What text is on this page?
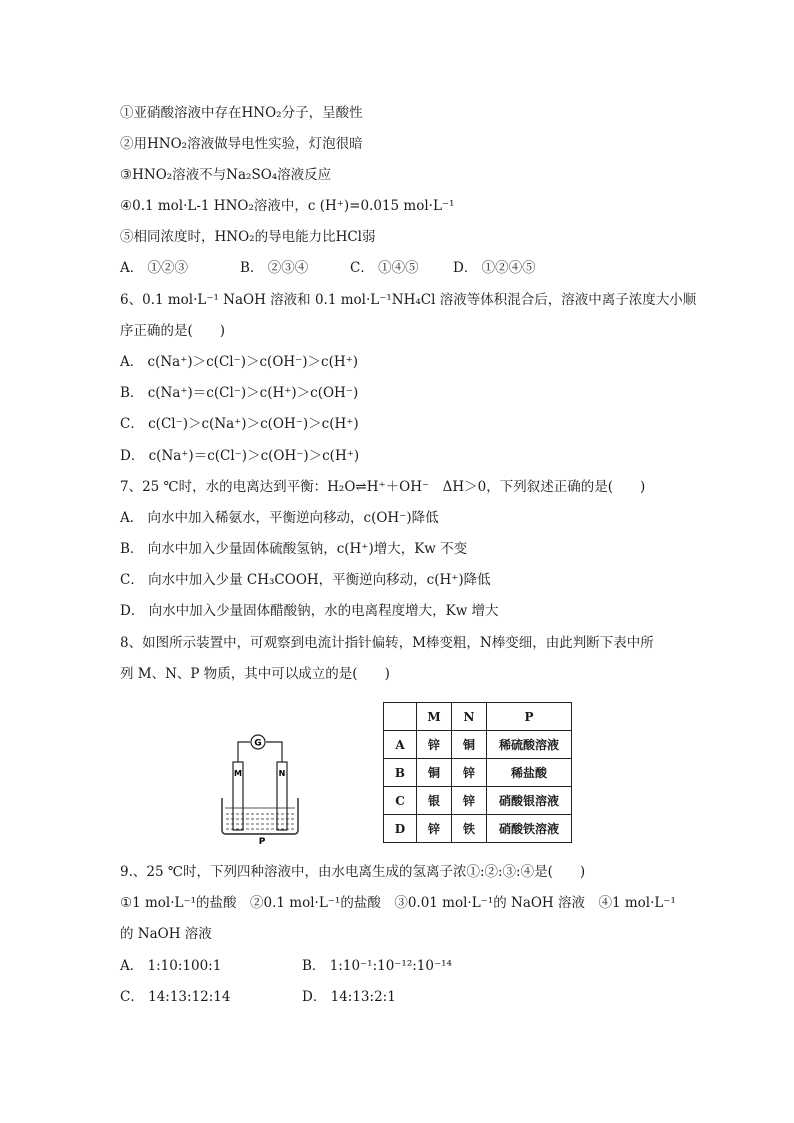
①亚硝酸溶液中存在HNO₂分子，呈酸性
②用HNO₂溶液做导电性实验，灯泡很暗
③HNO₂溶液不与Na₂SO₄溶液反应
④0.1 mol·L-1 HNO₂溶液中，c (H⁺)=0.015 mol·L⁻¹
⑤相同浓度时，HNO₂的导电能力比HCl弱
A． ①②③	B． ②③④	C． ①④⑤	D． ①②④⑤
6、0.1 mol·L⁻¹ NaOH 溶液和 0.1 mol·L⁻¹NH₄Cl 溶液等体积混合后，溶液中离子浓度大小顺
序正确的是(　　)
A． c(Na⁺)＞c(Cl⁻)＞c(OH⁻)＞c(H⁺)
B． c(Na⁺)＝c(Cl⁻)＞c(H⁺)＞c(OH⁻)
C． c(Cl⁻)＞c(Na⁺)＞c(OH⁻)＞c(H⁺)
D． c(Na⁺)＝c(Cl⁻)＞c(OH⁻)＞c(H⁺)
7、25 ℃时，水的电离达到平衡：H₂O⇌H⁺＋OH⁻　ΔH＞0，下列叙述正确的是(　　)
A． 向水中加入稀氨水，平衡逆向移动，c(OH⁻)降低
B． 向水中加入少量固体硫酸氢钠，c(H⁺)增大，Kw 不变
C． 向水中加入少量 CH₃COOH，平衡逆向移动，c(H⁺)降低
D． 向水中加入少量固体醋酸钠，水的电离程度增大，Kw 增大
8、如图所示装置中，可观察到电流计指针偏转，M棒变粗，N棒变细，由此判断下表中所
列 M、N、P 物质，其中可以成立的是(　　)
G
M	N
P
	M	N	P
A	锌	铜	稀硫酸溶液
B	铜	锌	稀盐酸
C	银	锌	硝酸银溶液
D	锌	铁	硝酸铁溶液
9.、25 ℃时，下列四种溶液中，由水电离生成的氢离子浓①:②:③:④是(　　)
①1 mol·L⁻¹的盐酸　②0.1 mol·L⁻¹的盐酸　③0.01 mol·L⁻¹的 NaOH 溶液　④1 mol·L⁻¹
的 NaOH 溶液
A． 1:10:100:1	B． 1:10⁻¹:10⁻¹²:10⁻¹⁴
C． 14:13:12:14	D． 14:13:2:1
